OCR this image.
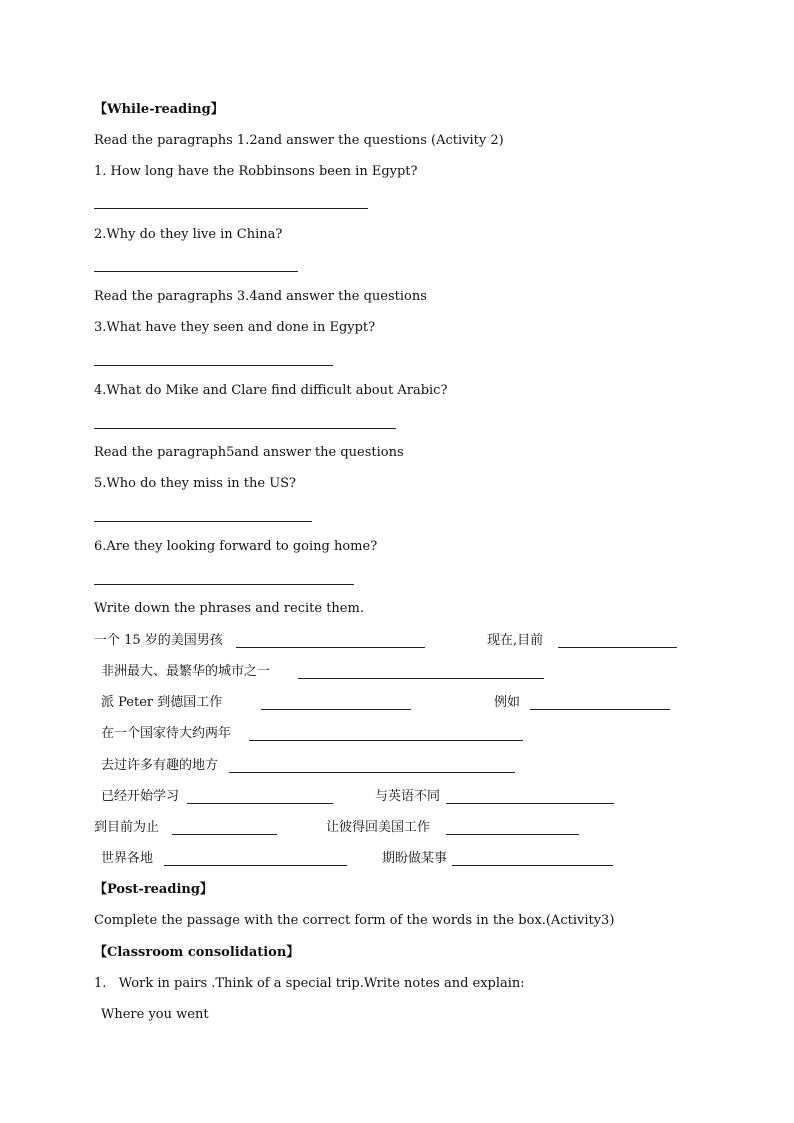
【While-reading】
Read the paragraphs 1.2and answer the questions (Activity 2)
1. How long have the Robbinsons been in Egypt?
2.Why do they live in China?
Read the paragraphs 3.4and answer the questions
3.What have they seen and done in Egypt?
4.What do Mike and Clare find difficult about Arabic?
Read the paragraph5and answer the questions
5.Who do they miss in the US?
6.Are they looking forward to going home?
Write down the phrases and recite them.
一个 15 岁的美国男孩	现在,目前
非洲最大、最繁华的城市之一
派 Peter 到德国工作	例如
在一个国家待大约两年
去过许多有趣的地方
已经开始学习	与英语不同
到目前为止	让彼得回美国工作
世界各地	期盼做某事
【Post-reading】
Complete the passage with the correct form of the words in the box.(Activity3)
【Classroom consolidation】
1.   Work in pairs .Think of a special trip.Write notes and explain:
Where you went
